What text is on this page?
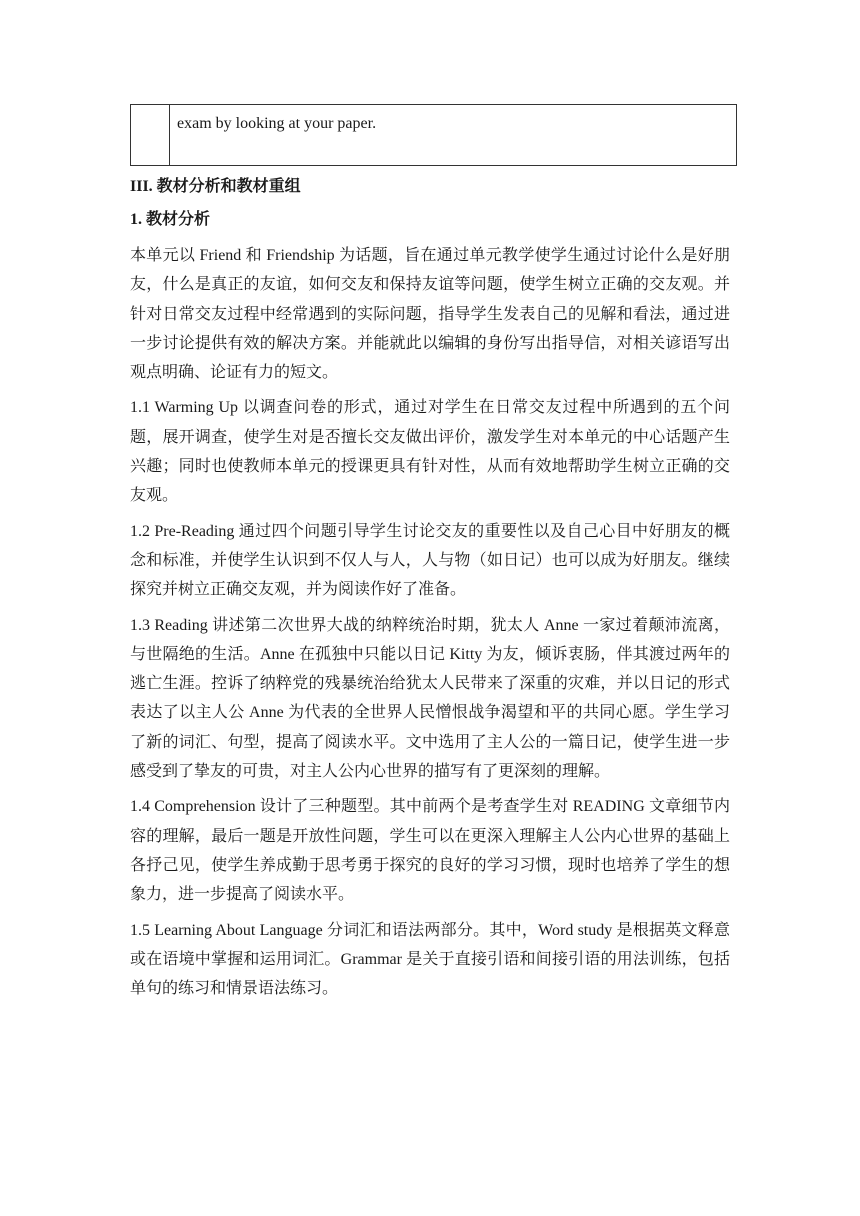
exam by looking at your paper.
III. 教材分析和教材重组
1. 教材分析

本单元以 Friend 和 Friendship 为话题，旨在通过单元教学使学生通过讨论什么是好朋友，什么是真正的友谊，如何交友和保持友谊等问题，使学生树立正确的交友观。并针对日常交友过程中经常遇到的实际问题，指导学生发表自己的见解和看法，通过进一步讨论提供有效的解决方案。并能就此以编辑的身份写出指导信，对相关谚语写出观点明确、论证有力的短文。

1.1 Warming Up 以调查问卷的形式，通过对学生在日常交友过程中所遇到的五个问题，展开调查，使学生对是否擅长交友做出评价，激发学生对本单元的中心话题产生兴趣；同时也使教师本单元的授课更具有针对性，从而有效地帮助学生树立正确的交友观。

1.2 Pre-Reading 通过四个问题引导学生讨论交友的重要性以及自己心目中好朋友的概念和标准，并使学生认识到不仅人与人，人与物（如日记）也可以成为好朋友。继续探究并树立正确交友观，并为阅读作好了准备。

1.3 Reading 讲述第二次世界大战的纳粹统治时期，犹太人 Anne 一家过着颠沛流离，与世隔绝的生活。Anne 在孤独中只能以日记 Kitty 为友，倾诉衷肠，伴其渡过两年的逃亡生涯。控诉了纳粹党的残暴统治给犹太人民带来了深重的灾难，并以日记的形式表达了以主人公 Anne 为代表的全世界人民憎恨战争渴望和平的共同心愿。学生学习了新的词汇、句型，提高了阅读水平。文中选用了主人公的一篇日记，使学生进一步感受到了挚友的可贵，对主人公内心世界的描写有了更深刻的理解。

1.4 Comprehension 设计了三种题型。其中前两个是考查学生对 READING 文章细节内容的理解，最后一题是开放性问题，学生可以在更深入理解主人公内心世界的基础上各抒己见，使学生养成勤于思考勇于探究的良好的学习习惯，现时也培养了学生的想象力，进一步提高了阅读水平。

1.5 Learning About Language 分词汇和语法两部分。其中，Word study 是根据英文释意或在语境中掌握和运用词汇。Grammar 是关于直接引语和间接引语的用法训练，包括单句的练习和情景语法练习。
